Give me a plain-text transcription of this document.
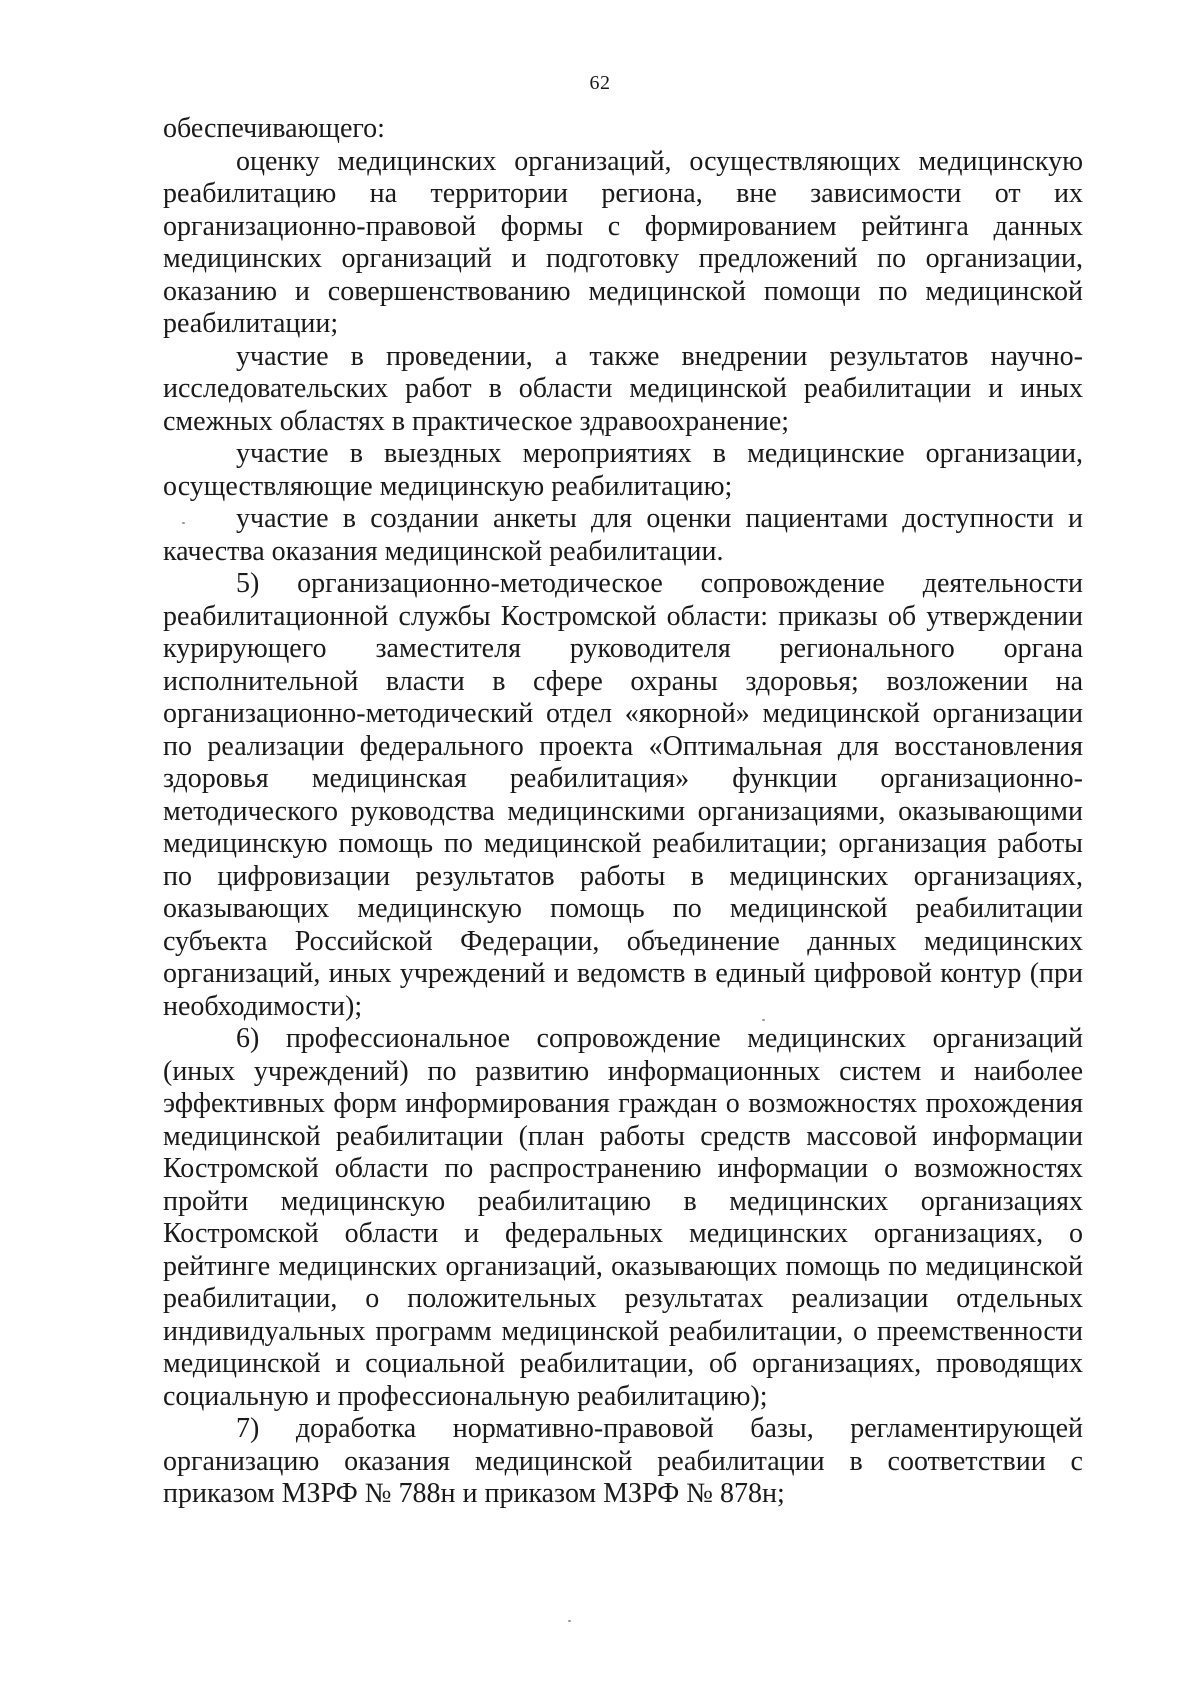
62

обеспечивающего:

оценку медицинских организаций, осуществляющих медицинскую реабилитацию на территории региона, вне зависимости от их организационно-правовой формы с формированием рейтинга данных медицинских организаций и подготовку предложений по организации, оказанию и совершенствованию медицинской помощи по медицинской реабилитации;

участие в проведении, а также внедрении результатов научно-исследовательских работ в области медицинской реабилитации и иных смежных областях в практическое здравоохранение;

участие в выездных мероприятиях в медицинские организации, осуществляющие медицинскую реабилитацию;

участие в создании анкеты для оценки пациентами доступности и качества оказания медицинской реабилитации.

5) организационно-методическое сопровождение деятельности реабилитационной службы Костромской области: приказы об утверждении курирующего заместителя руководителя регионального органа исполнительной власти в сфере охраны здоровья; возложении на организационно-методический отдел «якорной» медицинской организации по реализации федерального проекта «Оптимальная для восстановления здоровья медицинская реабилитация» функции организационно-методического руководства медицинскими организациями, оказывающими медицинскую помощь по медицинской реабилитации; организация работы по цифровизации результатов работы в медицинских организациях, оказывающих медицинскую помощь по медицинской реабилитации субъекта Российской Федерации, объединение данных медицинских организаций, иных учреждений и ведомств в единый цифровой контур (при необходимости);

6) профессиональное сопровождение медицинских организаций (иных учреждений) по развитию информационных систем и наиболее эффективных форм информирования граждан о возможностях прохождения медицинской реабилитации (план работы средств массовой информации Костромской области по распространению информации о возможностях пройти медицинскую реабилитацию в медицинских организациях Костромской области и федеральных медицинских организациях, о рейтинге медицинских организаций, оказывающих помощь по медицинской реабилитации, о положительных результатах реализации отдельных индивидуальных программ медицинской реабилитации, о преемственности медицинской и социальной реабилитации, об организациях, проводящих социальную и профессиональную реабилитацию);

7) доработка нормативно-правовой базы, регламентирующей организацию оказания медицинской реабилитации в соответствии с приказом МЗРФ № 788н и приказом МЗРФ № 878н;
